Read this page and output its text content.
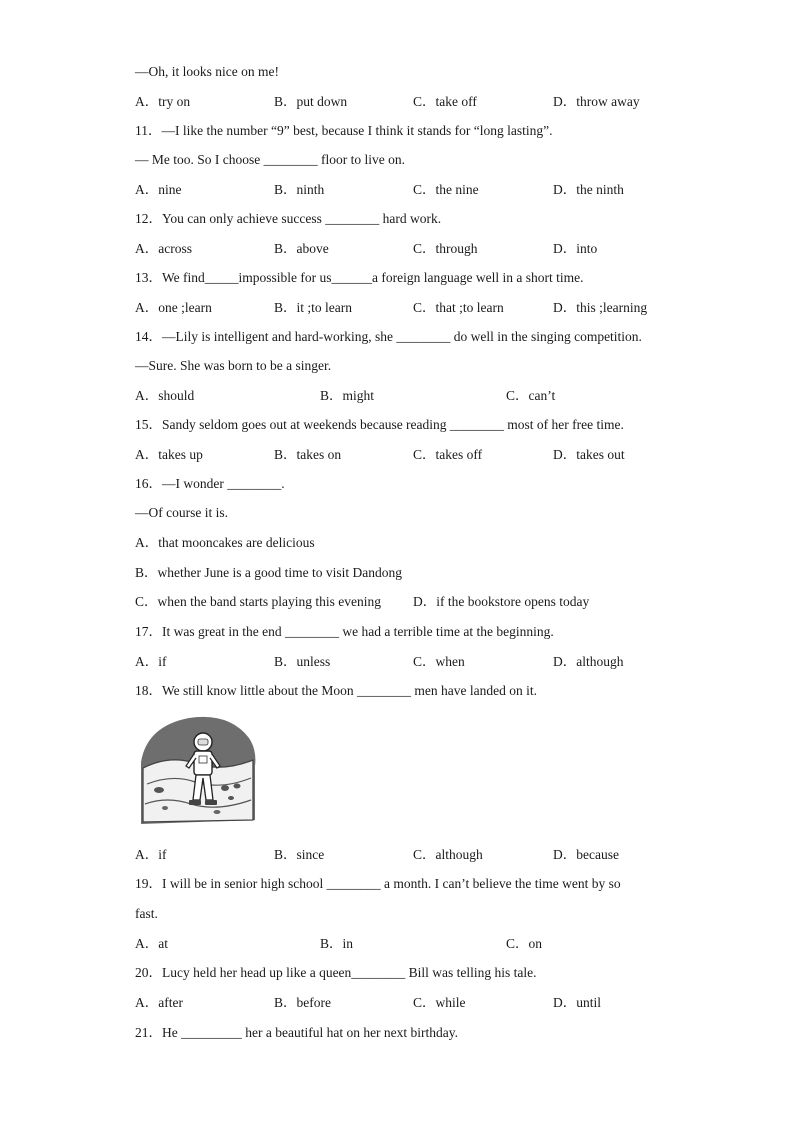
—Oh, it looks nice on me!
A．try on	B．put down	C．take off	D．throw away
11．—I like the number “9” best, because I think it stands for “long lasting”.
— Me too. So I choose ________ floor to live on.
A．nine	B．ninth	C．the nine	D．the ninth
12．You can only achieve success ________ hard work.
A．across	B．above	C．through	D．into
13．We find_____impossible for us______a foreign language well in a short time.
A．one ;learn	B．it ;to learn	C．that ;to learn	D．this ;learning
14．—Lily is intelligent and hard-working, she ________ do well in the singing competition.
—Sure. She was born to be a singer.
A．should	B．might	C．can’t
15．Sandy seldom goes out at weekends because reading ________ most of her free time.
A．takes up	B．takes on	C．takes off	D．takes out
16．—I wonder ________.
—Of course it is.
A．that mooncakes are delicious
B．whether June is a good time to visit Dandong
C．when the band starts playing this evening D．if the bookstore opens today
17．It was great in the end ________ we had a terrible time at the beginning.
A．if	B．unless	C．when	D．although
18．We still know little about the Moon ________ men have landed on it.
A．if	B．since	C．although	D．because
19．I will be in senior high school ________ a month. I can’t believe the time went by so
fast.
A．at	B．in	C．on
20．Lucy held her head up like a queen________ Bill was telling his tale.
A．after	B．before	C．while	D．until
21．He _________ her a beautiful hat on her next birthday.
